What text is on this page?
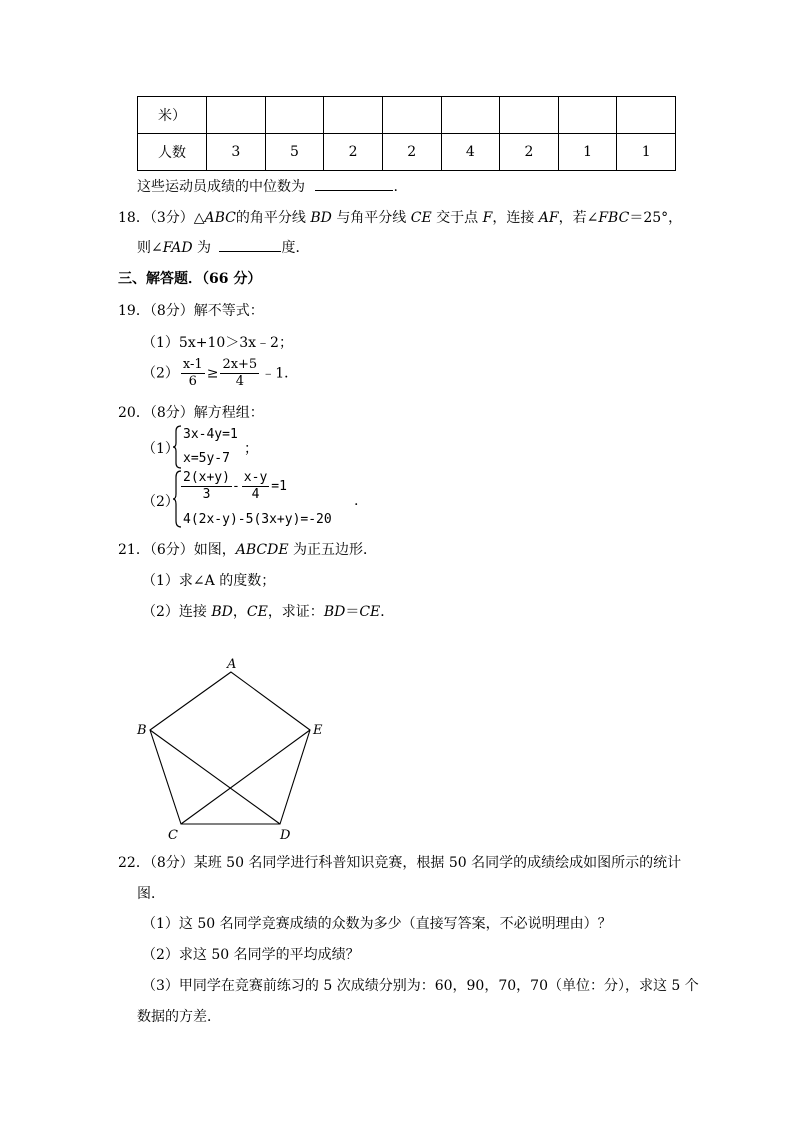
米）								
人数	3	5	2	2	4	2	1	1
这些运动员成绩的中位数为	.
18．（3分）△ABC的角平分线 BD 与角平分线 CE 交于点 F，连接 AF，若∠FBC＝25°，
则∠FAD 为	度．
三、解答题．（66 分）
19．（8分）解不等式：
（1）5x+10＞3x﹣2；
$(2) \frac{x-1}{6} \ge \frac{2x+5}{4}$ ﹣1．
20．（8分）解方程组：
（1）
3x-4y=1
x=5y-7
；
$(2) \frac{2(x+y)}{3} - \frac{x-y}{4} =1$
4(2x-y)-5(3x+y)=-20
.
21．（6分）如图，ABCDE 为正五边形．
（1）求∠A 的度数；
（2）连接 BD，CE，求证：BD＝CE．
A
B
C	D
E
22．（8分）某班 50 名同学进行科普知识竞赛，根据 50 名同学的成绩绘成如图所示的统计
图．
（1）这 50 名同学竞赛成绩的众数为多少（直接写答案，不必说明理由）？
（2）求这 50 名同学的平均成绩？
（3）甲同学在竞赛前练习的 5 次成绩分别为：60，90，70，70（单位：分），求这 5 个
数据的方差．
